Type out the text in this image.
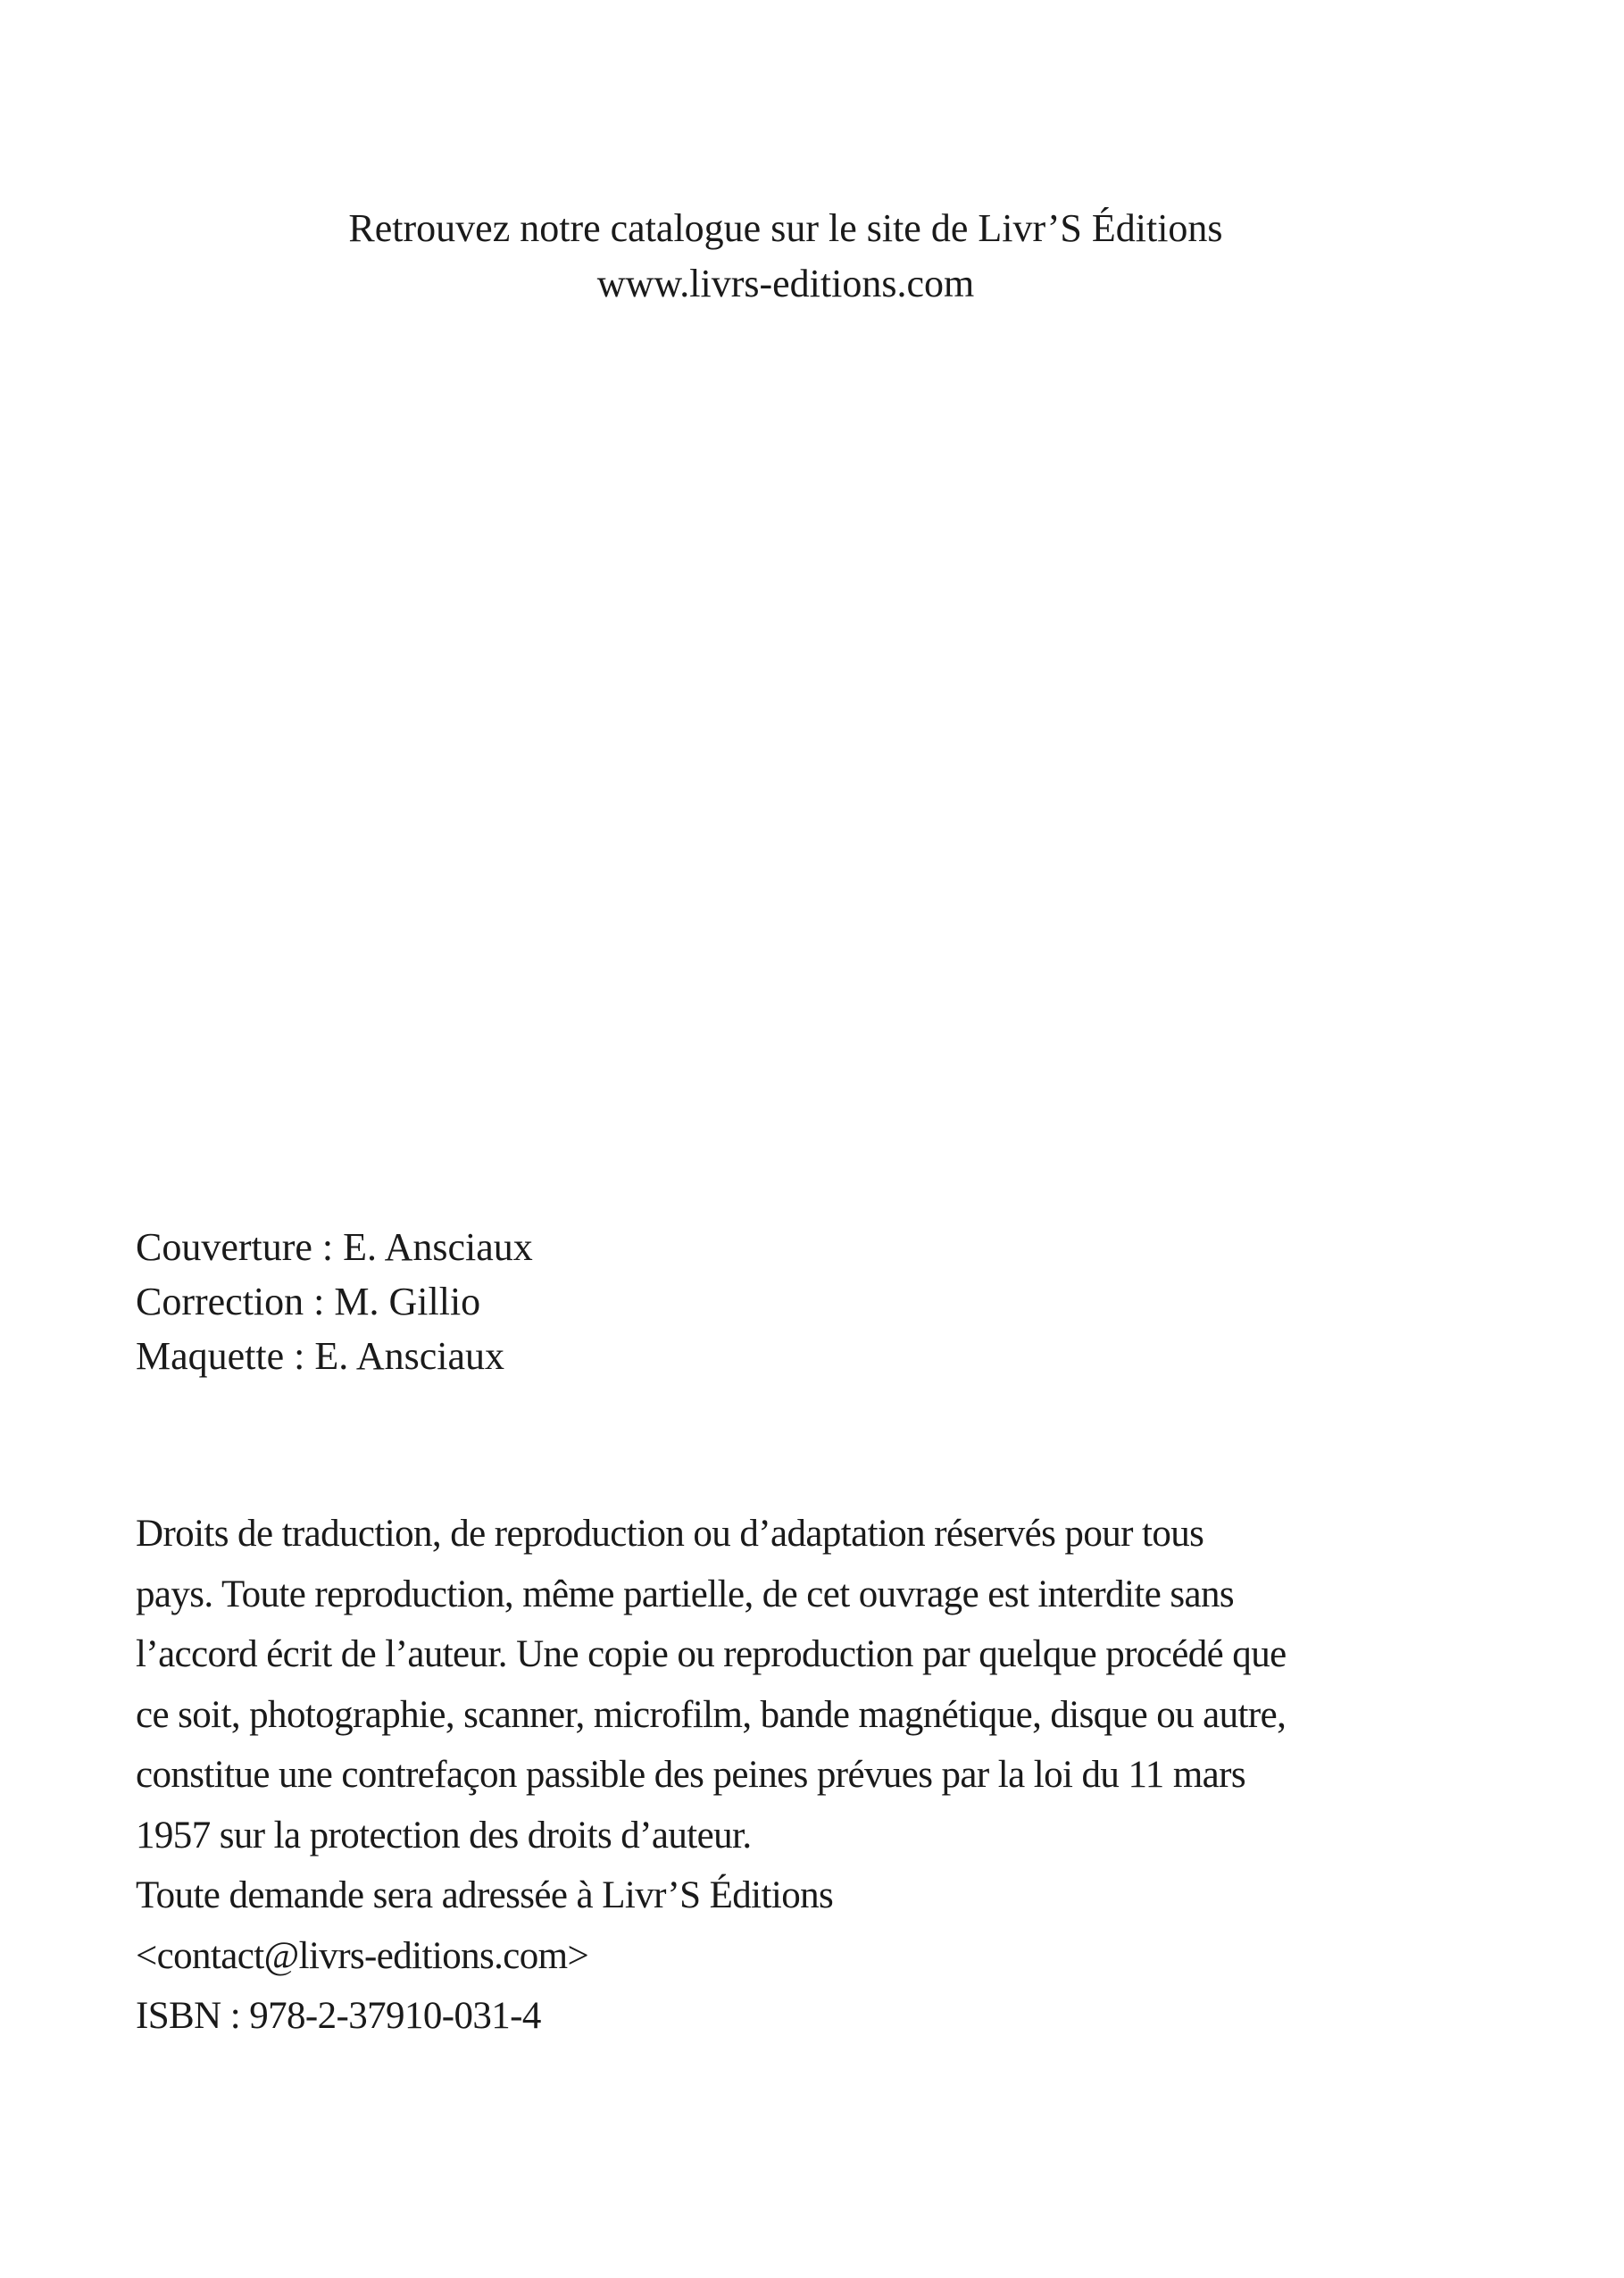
Retrouvez notre catalogue sur le site de Livr’S Éditions
www.livrs-editions.com
Couverture : E. Ansciaux
Correction : M. Gillio
Maquette : E. Ansciaux
Droits de traduction, de reproduction ou d’adaptation réservés pour tous
pays. Toute reproduction, même partielle, de cet ouvrage est interdite sans
l’accord écrit de l’auteur. Une copie ou reproduction par quelque procédé que
ce soit, photographie, scanner, microfilm, bande magnétique, disque ou autre,
constitue une contrefaçon passible des peines prévues par la loi du 11 mars
1957 sur la protection des droits d’auteur.
Toute demande sera adressée à Livr’S Éditions
<contact@livrs-editions.com>
ISBN : 978-2-37910-031-4
